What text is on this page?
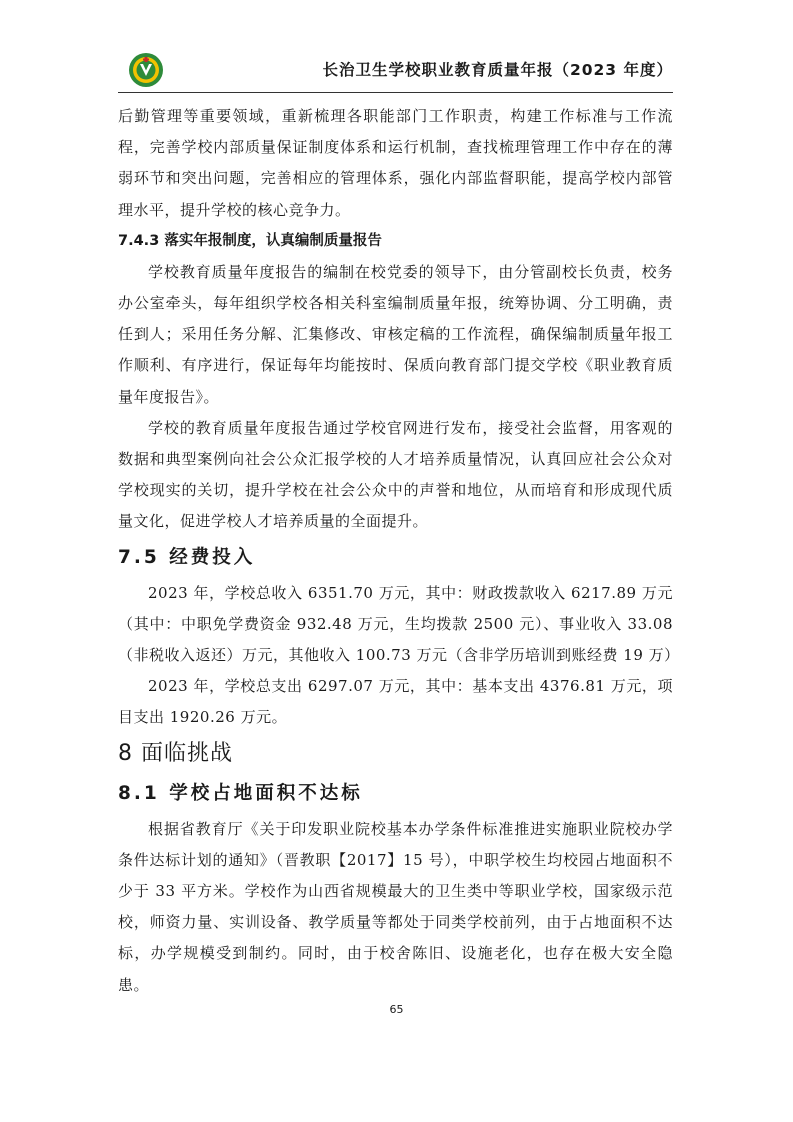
长治卫生学校职业教育质量年报（2023 年度）

后勤管理等重要领域，重新梳理各职能部门工作职责，构建工作标准与工作流程，完善学校内部质量保证制度体系和运行机制，查找梳理管理工作中存在的薄弱环节和突出问题，完善相应的管理体系，强化内部监督职能，提高学校内部管理水平，提升学校的核心竞争力。

7.4.3 落实年报制度，认真编制质量报告

学校教育质量年度报告的编制在校党委的领导下，由分管副校长负责，校务办公室牵头，每年组织学校各相关科室编制质量年报，统筹协调、分工明确，责任到人；采用任务分解、汇集修改、审核定稿的工作流程，确保编制质量年报工作顺利、有序进行，保证每年均能按时、保质向教育部门提交学校《职业教育质量年度报告》。

学校的教育质量年度报告通过学校官网进行发布，接受社会监督，用客观的数据和典型案例向社会公众汇报学校的人才培养质量情况，认真回应社会公众对学校现实的关切，提升学校在社会公众中的声誉和地位，从而培育和形成现代质量文化，促进学校人才培养质量的全面提升。

7.5 经费投入

2023 年，学校总收入 6351.70 万元，其中：财政拨款收入 6217.89 万元（其中：中职免学费资金 932.48 万元，生均拨款 2500 元）、事业收入 33.08（非税收入返还）万元，其他收入 100.73 万元（含非学历培训到账经费 19 万）

2023 年，学校总支出 6297.07 万元，其中：基本支出 4376.81 万元，项目支出 1920.26 万元。

8 面临挑战

8.1 学校占地面积不达标

根据省教育厅《关于印发职业院校基本办学条件标准推进实施职业院校办学条件达标计划的通知》（晋教职【2017】15 号），中职学校生均校园占地面积不少于 33 平方米。学校作为山西省规模最大的卫生类中等职业学校，国家级示范校，师资力量、实训设备、教学质量等都处于同类学校前列，由于占地面积不达标，办学规模受到制约。同时，由于校舍陈旧、设施老化，也存在极大安全隐患。

65
